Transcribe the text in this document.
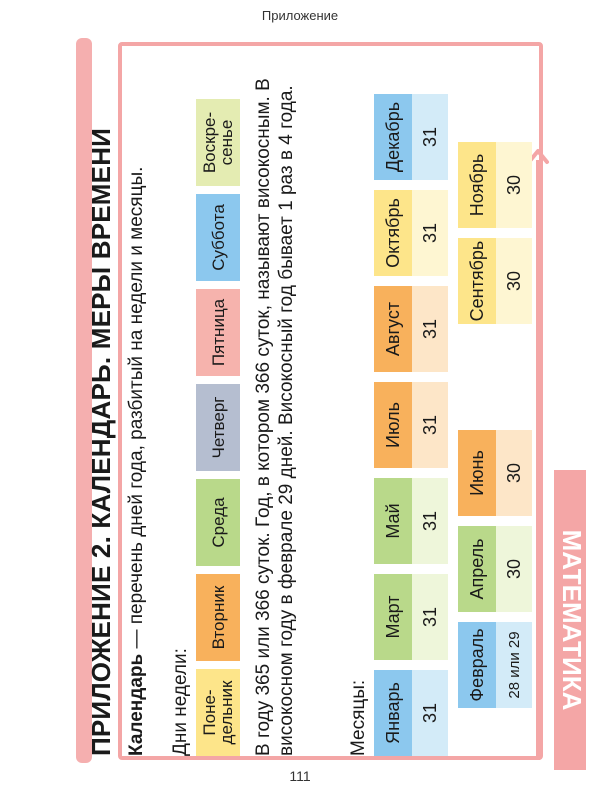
Приложение
МАТЕМАТИКА
ПРИЛОЖЕНИЕ 2. КАЛЕНДАРЬ. МЕРЫ ВРЕМЕНИ Календарь — перечень дней года, разбитый на недели и месяцы.
Дни недели: Поне-
дельник
Вторник
Среда
Четверг
Пятница
Суббота
Воскре-
сенье В году 365 или 366 суток. Год, в котором 366 суток, называют високосным. В високосном году в феврале 29 дней. Високосный год бывает 1 раз в 4 года.	Месяцы: Январь 31
Февраль	28 или 29
Март 31
Апрель 30
Май 31
Июнь 30
Июль 31
Август 31
Сентябрь 30
Октябрь 31
Ноябрь 30
Декабрь 31
111
